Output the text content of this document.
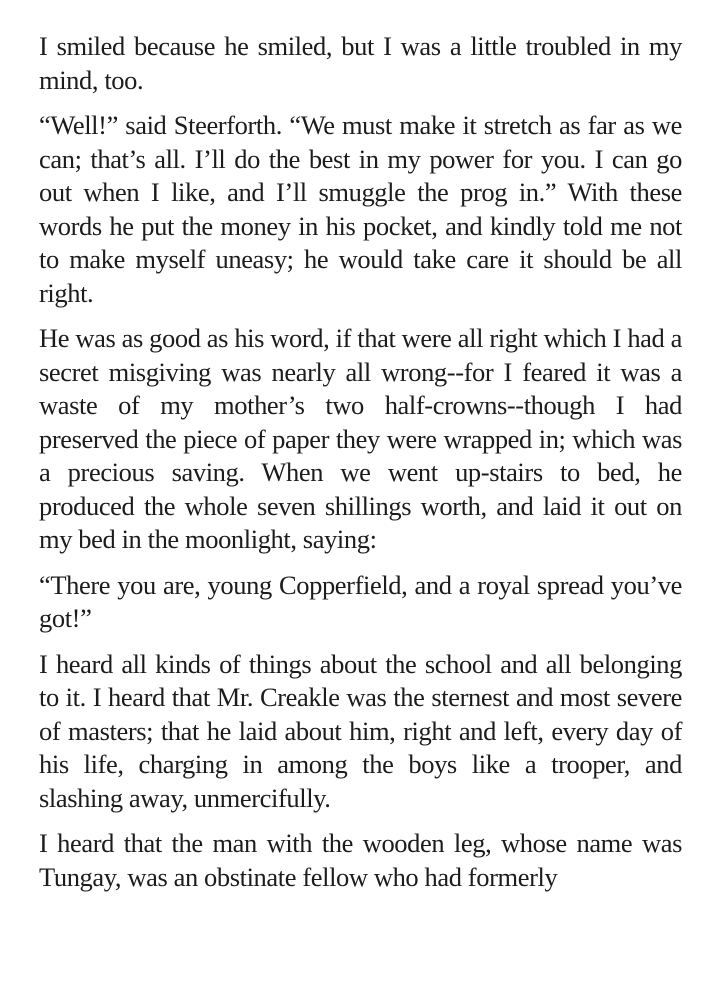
I smiled because he smiled, but I was a little troubled in my mind, too.

“Well!” said Steerforth. “We must make it stretch as far as we can; that’s all. I’ll do the best in my power for you. I can go out when I like, and I’ll smuggle the prog in.” With these words he put the money in his pocket, and kindly told me not to make myself uneasy; he would take care it should be all right.

He was as good as his word, if that were all right which I had a secret misgiving was nearly all wrong--for I feared it was a waste of my mother’s two half-crowns--though I had preserved the piece of paper they were wrapped in; which was a precious saving. When we went up-stairs to bed, he produced the whole seven shillings worth, and laid it out on my bed in the moonlight, saying:

“There you are, young Copperfield, and a royal spread you’ve got!”

I heard all kinds of things about the school and all belonging to it. I heard that Mr. Creakle was the sternest and most severe of masters; that he laid about him, right and left, every day of his life, charging in among the boys like a trooper, and slashing away, unmercifully.

I heard that the man with the wooden leg, whose name was Tungay, was an obstinate fellow who had formerly
